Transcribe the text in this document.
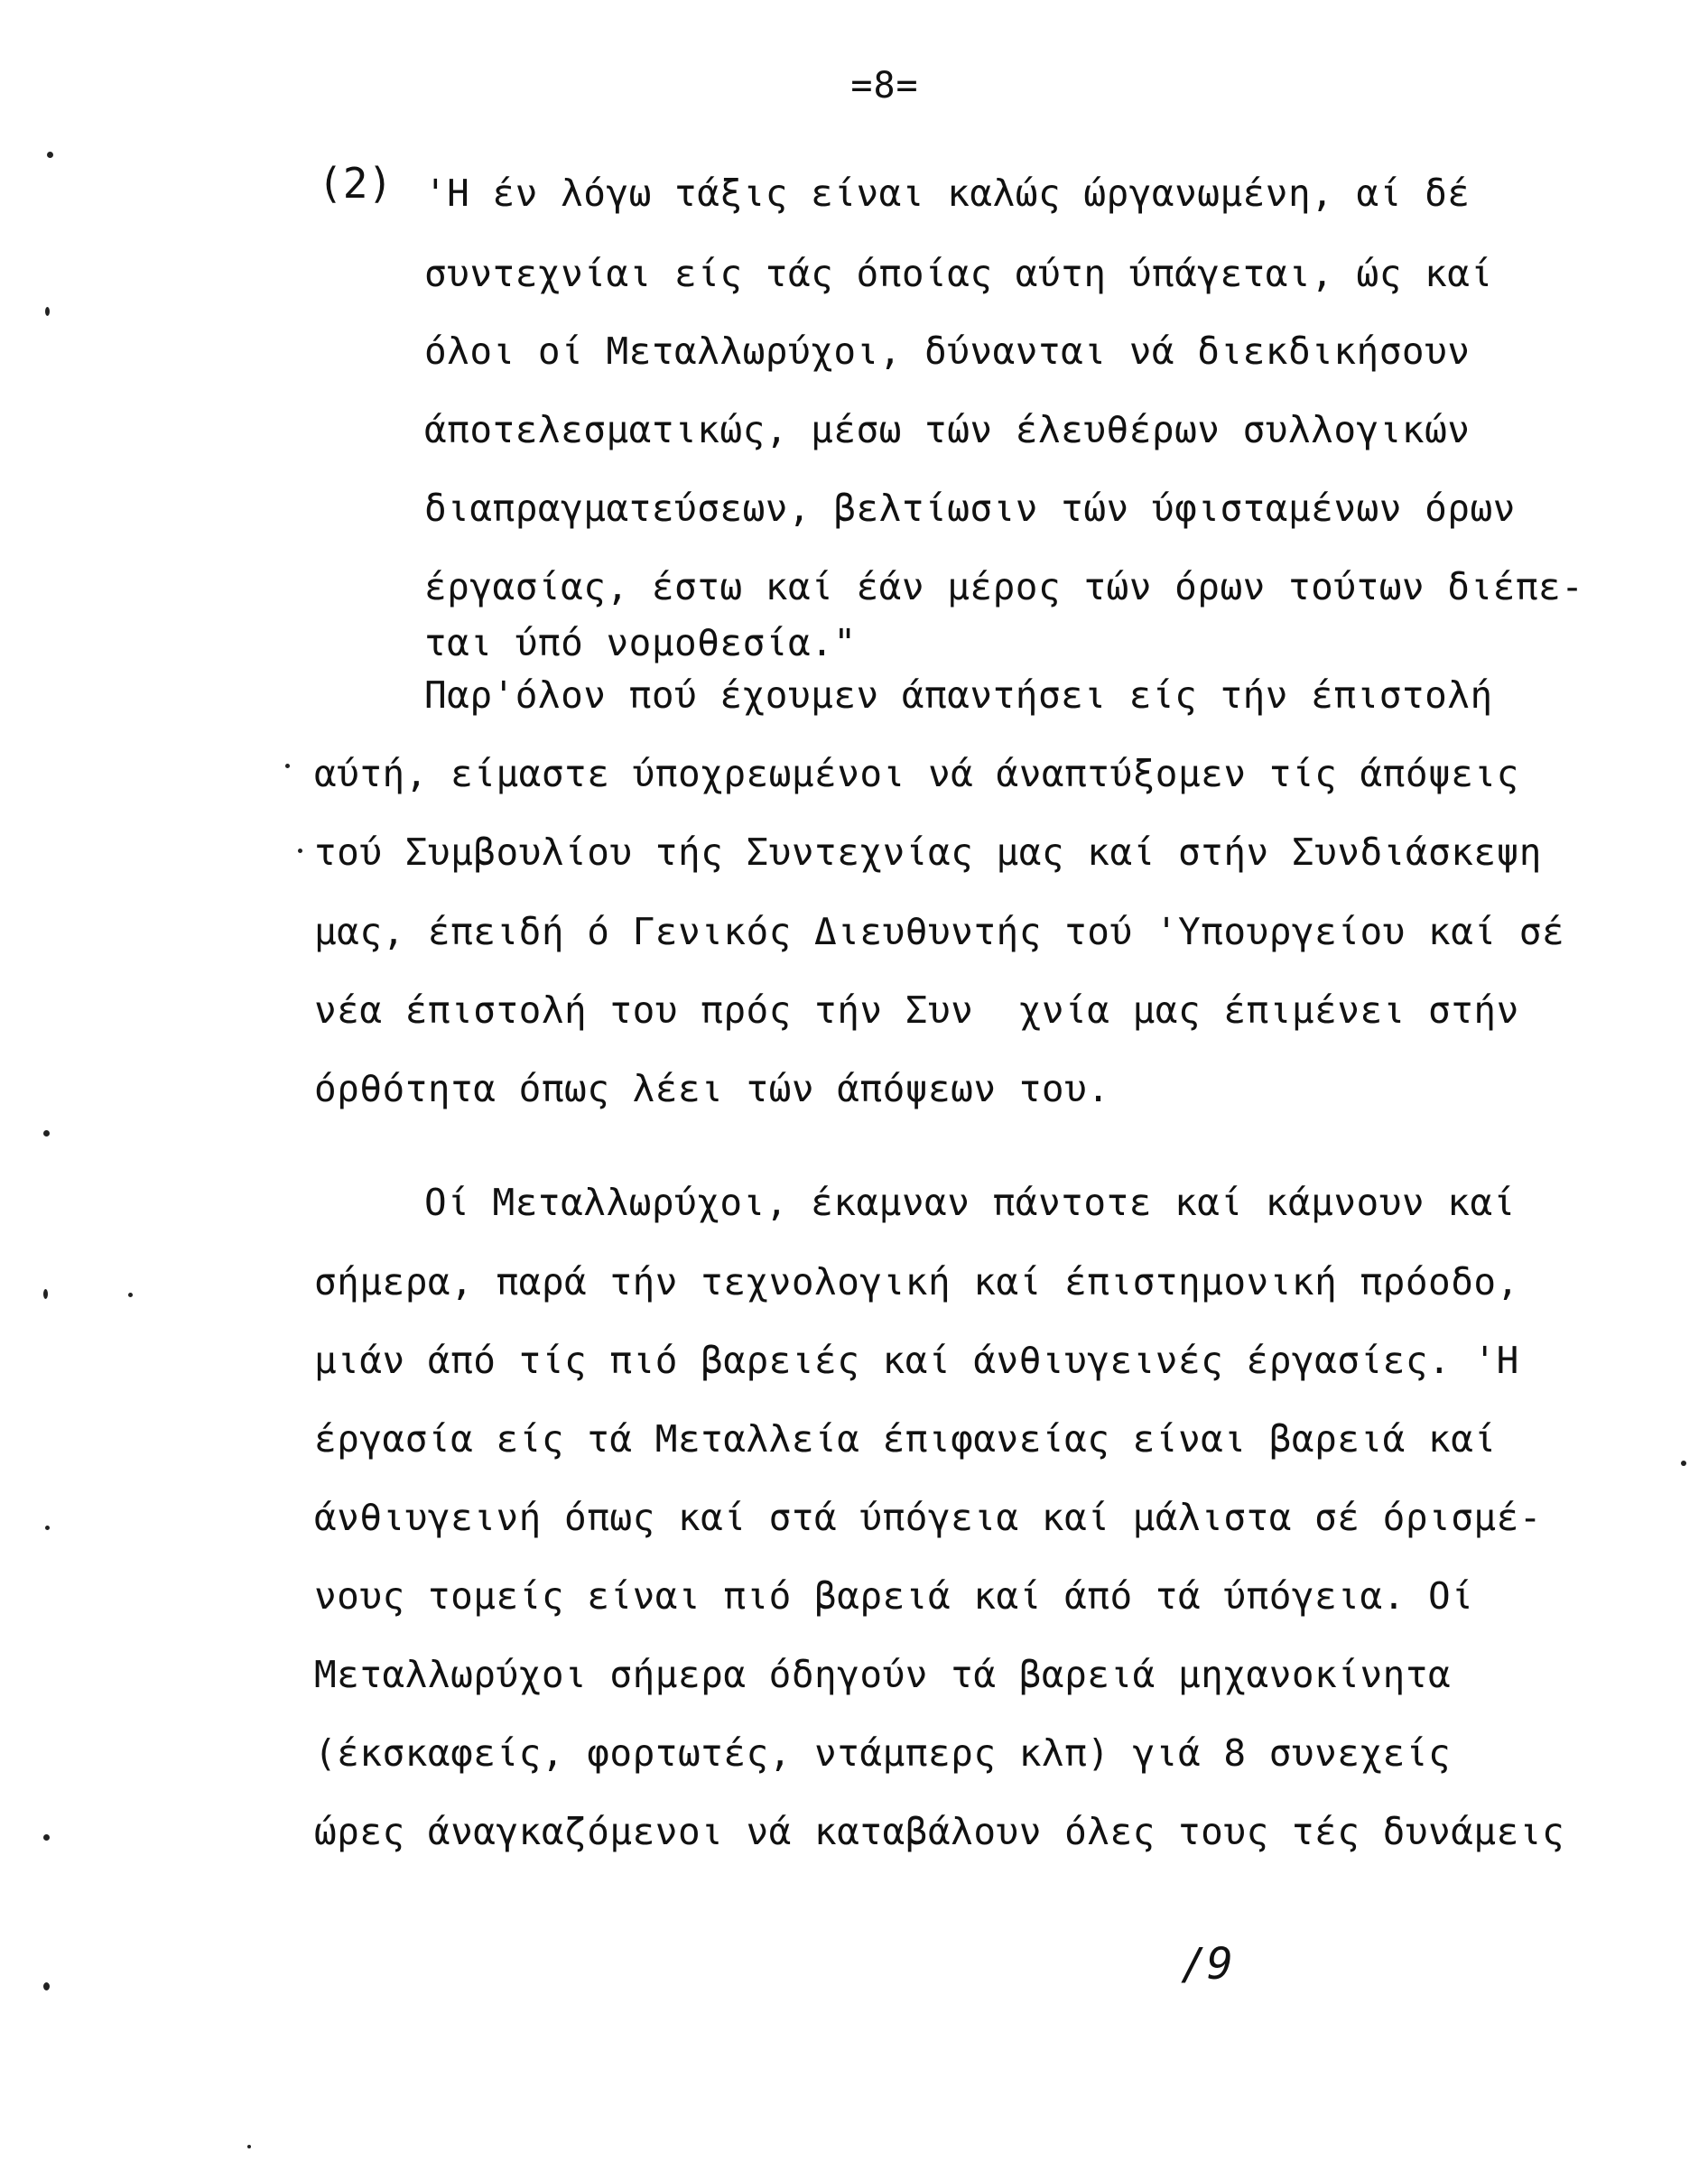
=8=
(2) 'Η έν λόγω τάξις είναι καλώς ώργανωμένη, αί δέ
συντεχνίαι είς τάς όποίας αύτη ύπάγεται, ώς καί
όλοι οί Μεταλλωρύχοι, δύνανται νά διεκδικήσουν
άποτελεσματικώς, μέσω τών έλευθέρων συλλογικών
διαπραγματεύσεων, βελτίωσιν τών ύφισταμένων όρων
έργασίας, έστω καί έάν μέρος τών όρων τούτων διέπε-
ται ύπό νομοθεσία."
Παρ'όλον πού έχουμεν άπαντήσει είς τήν έπιστολή
αύτή, είμαστε ύποχρεωμένοι νά άναπτύξομεν τίς άπόψεις
τού Συμβουλίου τής Συντεχνίας μας καί στήν Συνδιάσκεψη
μας, έπειδή ό Γενικός Διευθυντής τού 'Υπουργείου καί σέ
νέα έπιστολή του πρός τήν Συν  χνία μας έπιμένει στήν
όρθότητα όπως λέει τών άπόψεων του.
Οί Μεταλλωρύχοι, έκαμναν πάντοτε καί κάμνουν καί
σήμερα, παρά τήν τεχνολογική καί έπιστημονική πρόοδο,
μιάν άπό τίς πιό βαρειές καί άνθιυγεινές έργασίες. 'Η
έργασία είς τά Μεταλλεία έπιφανείας είναι βαρειά καί
άνθιυγεινή όπως καί στά ύπόγεια καί μάλιστα σέ όρισμέ-
νους τομείς είναι πιό βαρειά καί άπό τά ύπόγεια. Οί
Μεταλλωρύχοι σήμερα όδηγούν τά βαρειά μηχανοκίνητα
(έκσκαφείς, φορτωτές, ντάμπερς κλπ) γιά 8 συνεχείς
ώρες άναγκαζόμενοι νά καταβάλουν όλες τους τές δυνάμεις
/9
